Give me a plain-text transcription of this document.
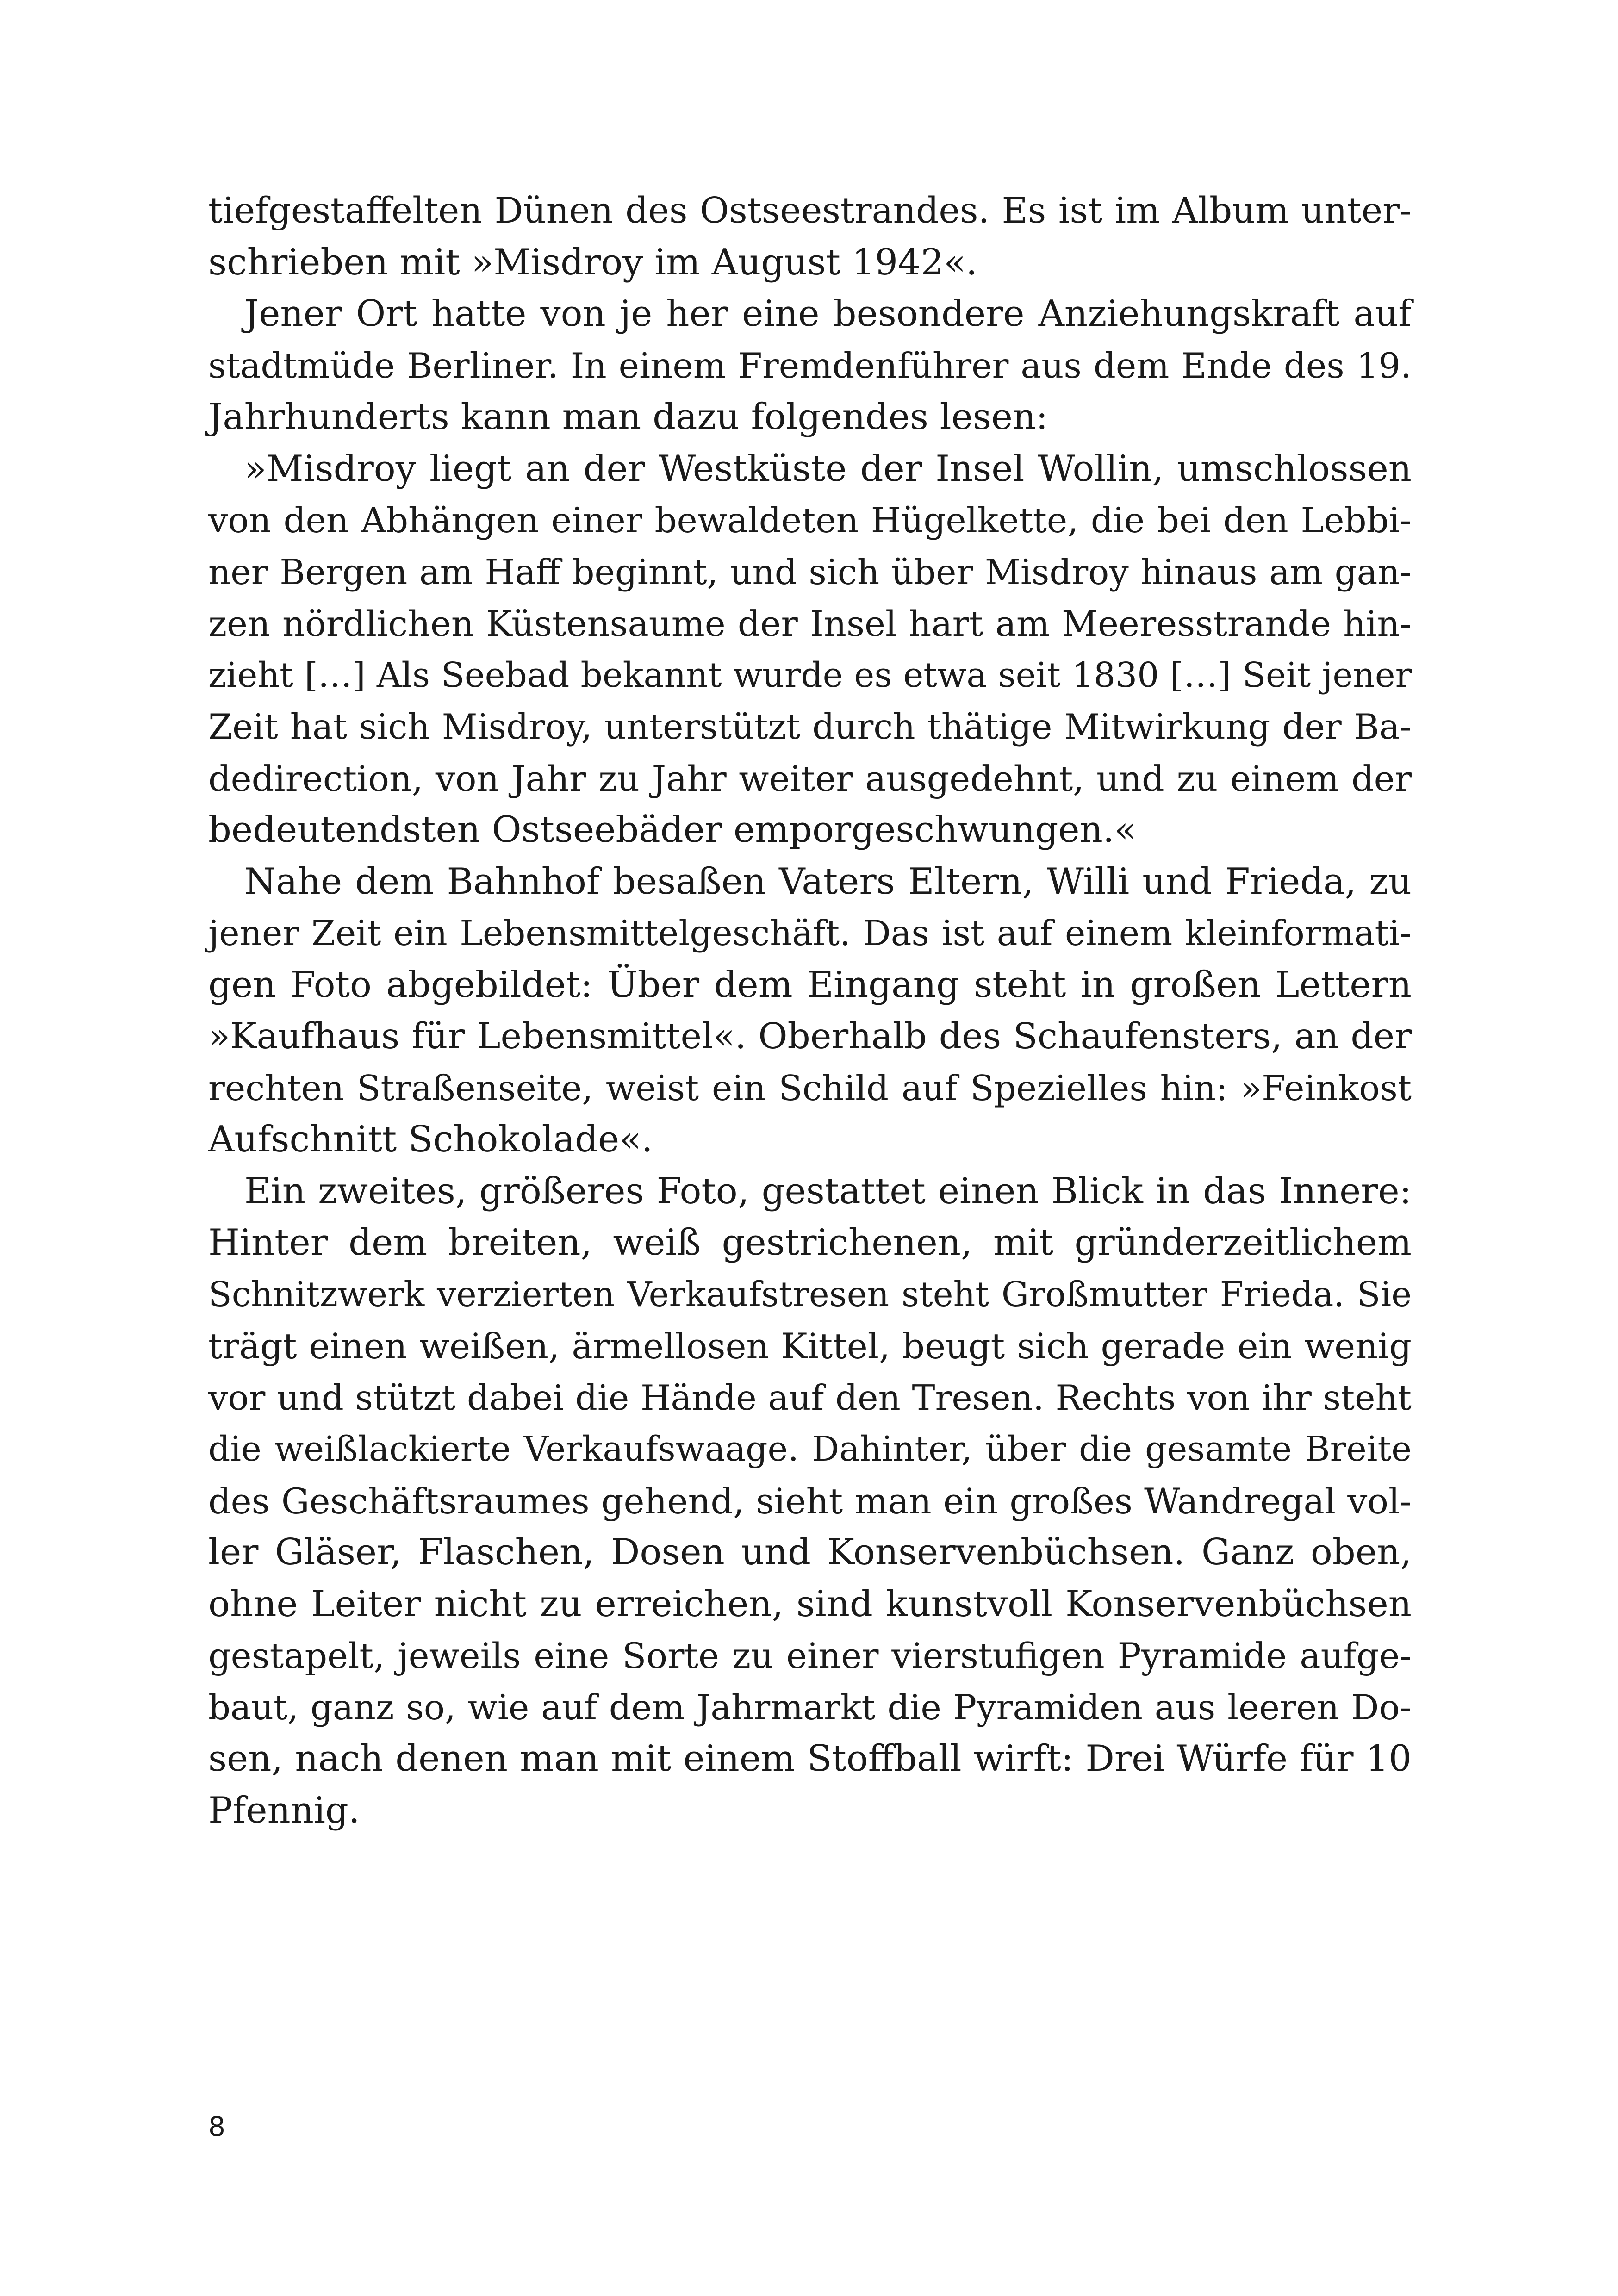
tiefgestaffelten Dünen des Ostseestrandes. Es ist im Album unter-
schrieben mit »Misdroy im August 1942«.
Jener Ort hatte von je her eine besondere Anziehungskraft auf
stadtmüde Berliner. In einem Fremdenführer aus dem Ende des 19.
Jahrhunderts kann man dazu folgendes lesen:
»Misdroy liegt an der Westküste der Insel Wollin, umschlossen
von den Abhängen einer bewaldeten Hügelkette, die bei den Lebbi-
ner Bergen am Haff beginnt, und sich über Misdroy hinaus am gan-
zen nördlichen Küstensaume der Insel hart am Meeresstrande hin-
zieht […] Als Seebad bekannt wurde es etwa seit 1830 […] Seit jener
Zeit hat sich Misdroy, unterstützt durch thätige Mitwirkung der Ba-
dedirection, von Jahr zu Jahr weiter ausgedehnt, und zu einem der
bedeutendsten Ostseebäder emporgeschwungen.«
Nahe dem Bahnhof besaßen Vaters Eltern, Willi und Frieda, zu
jener Zeit ein Lebensmittelgeschäft. Das ist auf einem kleinformati-
gen Foto abgebildet: Über dem Eingang steht in großen Lettern
»Kaufhaus für Lebensmittel«. Oberhalb des Schaufensters, an der
rechten Straßenseite, weist ein Schild auf Spezielles hin: »Feinkost
Aufschnitt Schokolade«.
Ein zweites, größeres Foto, gestattet einen Blick in das Innere:
Hinter dem breiten, weiß gestrichenen, mit gründerzeitlichem
Schnitzwerk verzierten Verkaufstresen steht Großmutter Frieda. Sie
trägt einen weißen, ärmellosen Kittel, beugt sich gerade ein wenig
vor und stützt dabei die Hände auf den Tresen. Rechts von ihr steht
die weißlackierte Verkaufswaage. Dahinter, über die gesamte Breite
des Geschäftsraumes gehend, sieht man ein großes Wandregal vol-
ler Gläser, Flaschen, Dosen und Konservenbüchsen. Ganz oben,
ohne Leiter nicht zu erreichen, sind kunstvoll Konservenbüchsen
gestapelt, jeweils eine Sorte zu einer vierstufigen Pyramide aufge-
baut, ganz so, wie auf dem Jahrmarkt die Pyramiden aus leeren Do-
sen, nach denen man mit einem Stoffball wirft: Drei Würfe für 10
Pfennig.
8
